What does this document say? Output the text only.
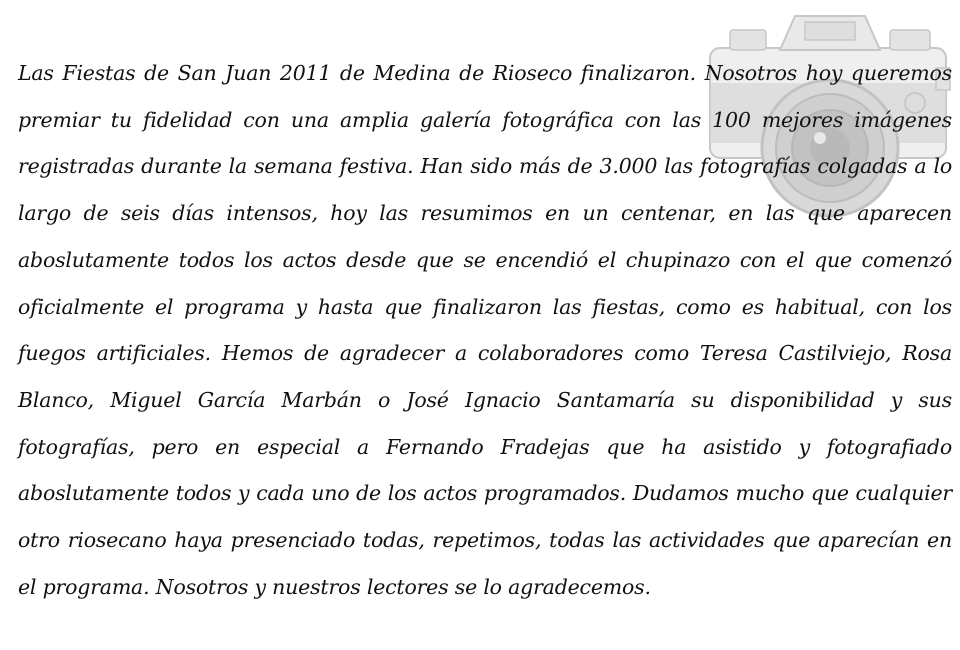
Las Fiestas de San Juan 2011 de Medina de Rioseco finalizaron. Nosotros hoy queremos premiar tu fidelidad con una amplia galería fotográfica con las 100 mejores imágenes registradas durante la semana festiva. Han sido más de 3.000 las fotografías colgadas a lo largo de seis días intensos, hoy las resumimos en un centenar, en las que aparecen aboslutamente todos los actos desde que se encendió el chupinazo con el que comenzó oficialmente el programa y hasta que finalizaron las fiestas, como es habitual, con los fuegos artificiales. Hemos de agradecer a colaboradores como Teresa Castilviejo, Rosa Blanco, Miguel García Marbán o José Ignacio Santamaría su disponibilidad y sus fotografías, pero en especial a Fernando Fradejas que ha asistido y fotografiado aboslutamente todos y cada uno de los actos programados. Dudamos mucho que cualquier otro riosecano haya presenciado todas, repetimos, todas las actividades que aparecían en el programa. Nosotros y nuestros lectores se lo agradecemos.
